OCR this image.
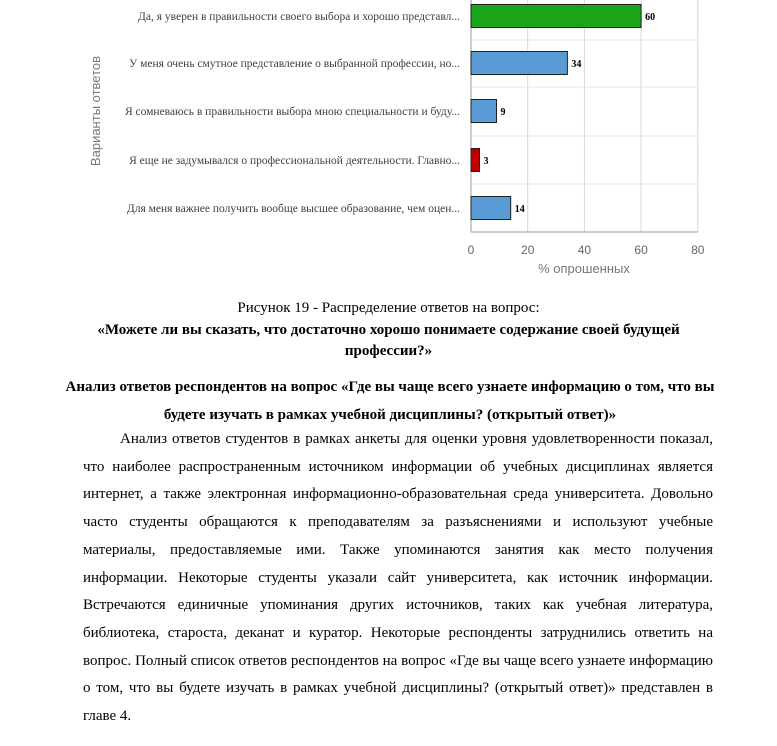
60
Да, я уверен в правильности своего выбора и хорошо представл...
34
У меня очень смутное представление о выбранной профессии, но...
9
Я сомневаюсь в правильности выбора мною специальности и буду...
3
Я еще не задумывался о профессиональной деятельности. Главно...
14
Для меня важнее получить вообще высшее образование, чем оцен...
0	20	40	60	80
% опрошенных
Варианты ответов
Рисунок 19 - Распределение ответов на вопрос:
«Можете ли вы сказать, что достаточно хорошо понимаете содержание своей будущей профессии?»
Анализ ответов респондентов на вопрос «Где вы чаще всего узнаете информацию о том, что вы будете изучать в рамках учебной дисциплины? (открытый ответ)»

Анализ ответов студентов в рамках анкеты для оценки уровня удовлетворенности показал, что наиболее распространенным источником информации об учебных дисциплинах является интернет, а также электронная информационно-образовательная среда университета. Довольно часто студенты обращаются к преподавателям за разъяснениями и используют учебные материалы, предоставляемые ими. Также упоминаются занятия как место получения информации. Некоторые студенты указали сайт университета, как источник информации. Встречаются единичные упоминания других источников, таких как учебная литература, библиотека, староста, деканат и куратор. Некоторые респонденты затруднились ответить на вопрос. Полный список ответов респондентов на вопрос «Где вы чаще всего узнаете информацию о том, что вы будете изучать в рамках учебной дисциплины? (открытый ответ)» представлен в главе 4.
